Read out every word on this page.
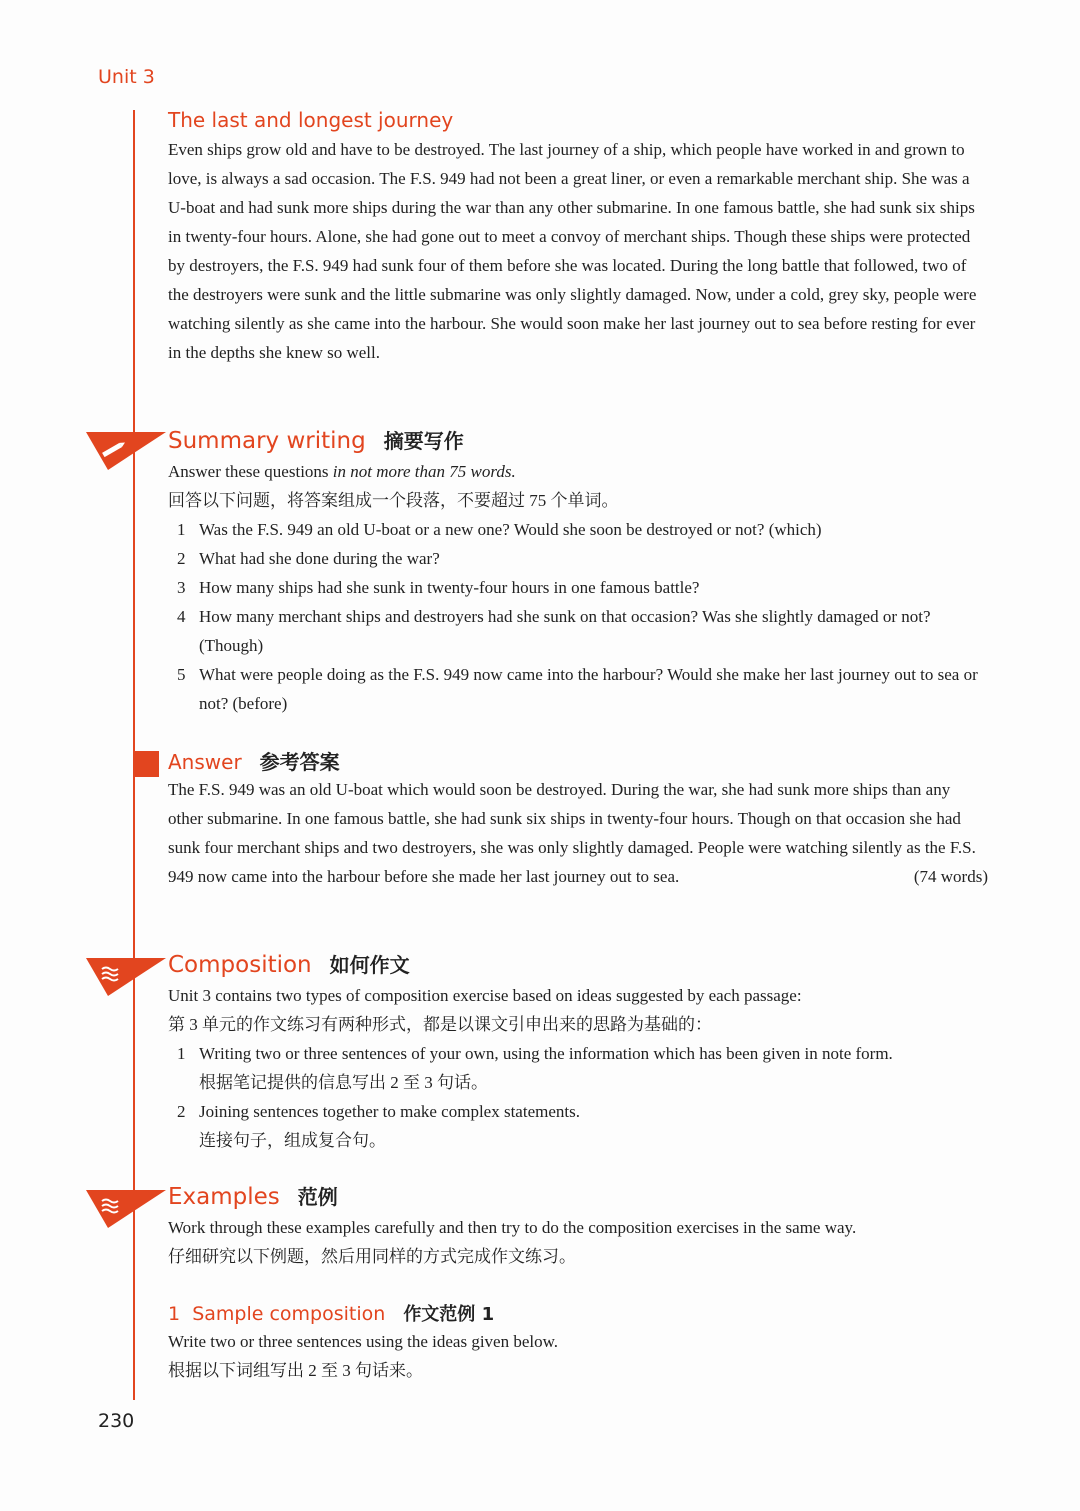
Unit 3
The last and longest journey

Even ships grow old and have to be destroyed. The last journey of a ship, which people have worked in and grown to love, is always a sad occasion. The F.S. 949 had not been a great liner, or even a remarkable merchant ship. She was a U-boat and had sunk more ships during the war than any other submarine. In one famous battle, she had sunk six ships in twenty-four hours. Alone, she had gone out to meet a convoy of merchant ships. Though these ships were protected by destroyers, the F.S. 949 had sunk four of them before she was located. During the long battle that followed, two of the destroyers were sunk and the little submarine was only slightly damaged. Now, under a cold, grey sky, people were watching silently as she came into the harbour. She would soon make her last journey out to sea before resting for ever in the depths she knew so well.

Summary writing 摘要写作

Answer these questions in not more than 75 words.

回答以下问题，将答案组成一个段落，不要超过 75 个单词。

1 Was the F.S. 949 an old U-boat or a new one? Would she soon be destroyed or not? (which)
2 What had she done during the war?
3 How many ships had she sunk in twenty-four hours in one famous battle?
4 How many merchant ships and destroyers had she sunk on that occasion? Was she slightly damaged or not? (Though)
5 What were people doing as the F.S. 949 now came into the harbour? Would she make her last journey out to sea or not? (before)
Answer 参考答案

The F.S. 949 was an old U-boat which would soon be destroyed. During the war, she had sunk more ships than any other submarine. In one famous battle, she had sunk six ships in twenty-four hours. Though on that occasion she had sunk four merchant ships and two destroyers, she was only slightly damaged. People were watching silently as the F.S. 949 now came into the harbour before she made her last journey out to sea.	(74 words)
Composition 如何作文

Unit 3 contains two types of composition exercise based on ideas suggested by each passage:

第 3 单元的作文练习有两种形式，都是以课文引申出来的思路为基础的：

1 Writing two or three sentences of your own, using the information which has been given in note form.
根据笔记提供的信息写出 2 至 3 句话。
2 Joining sentences together to make complex statements.
连接句子，组成复合句。
Examples 范例

Work through these examples carefully and then try to do the composition exercises in the same way.

仔细研究以下例题，然后用同样的方式完成作文练习。

1 Sample composition 作文范例 1

Write two or three sentences using the ideas given below.

根据以下词组写出 2 至 3 句话来。

230
